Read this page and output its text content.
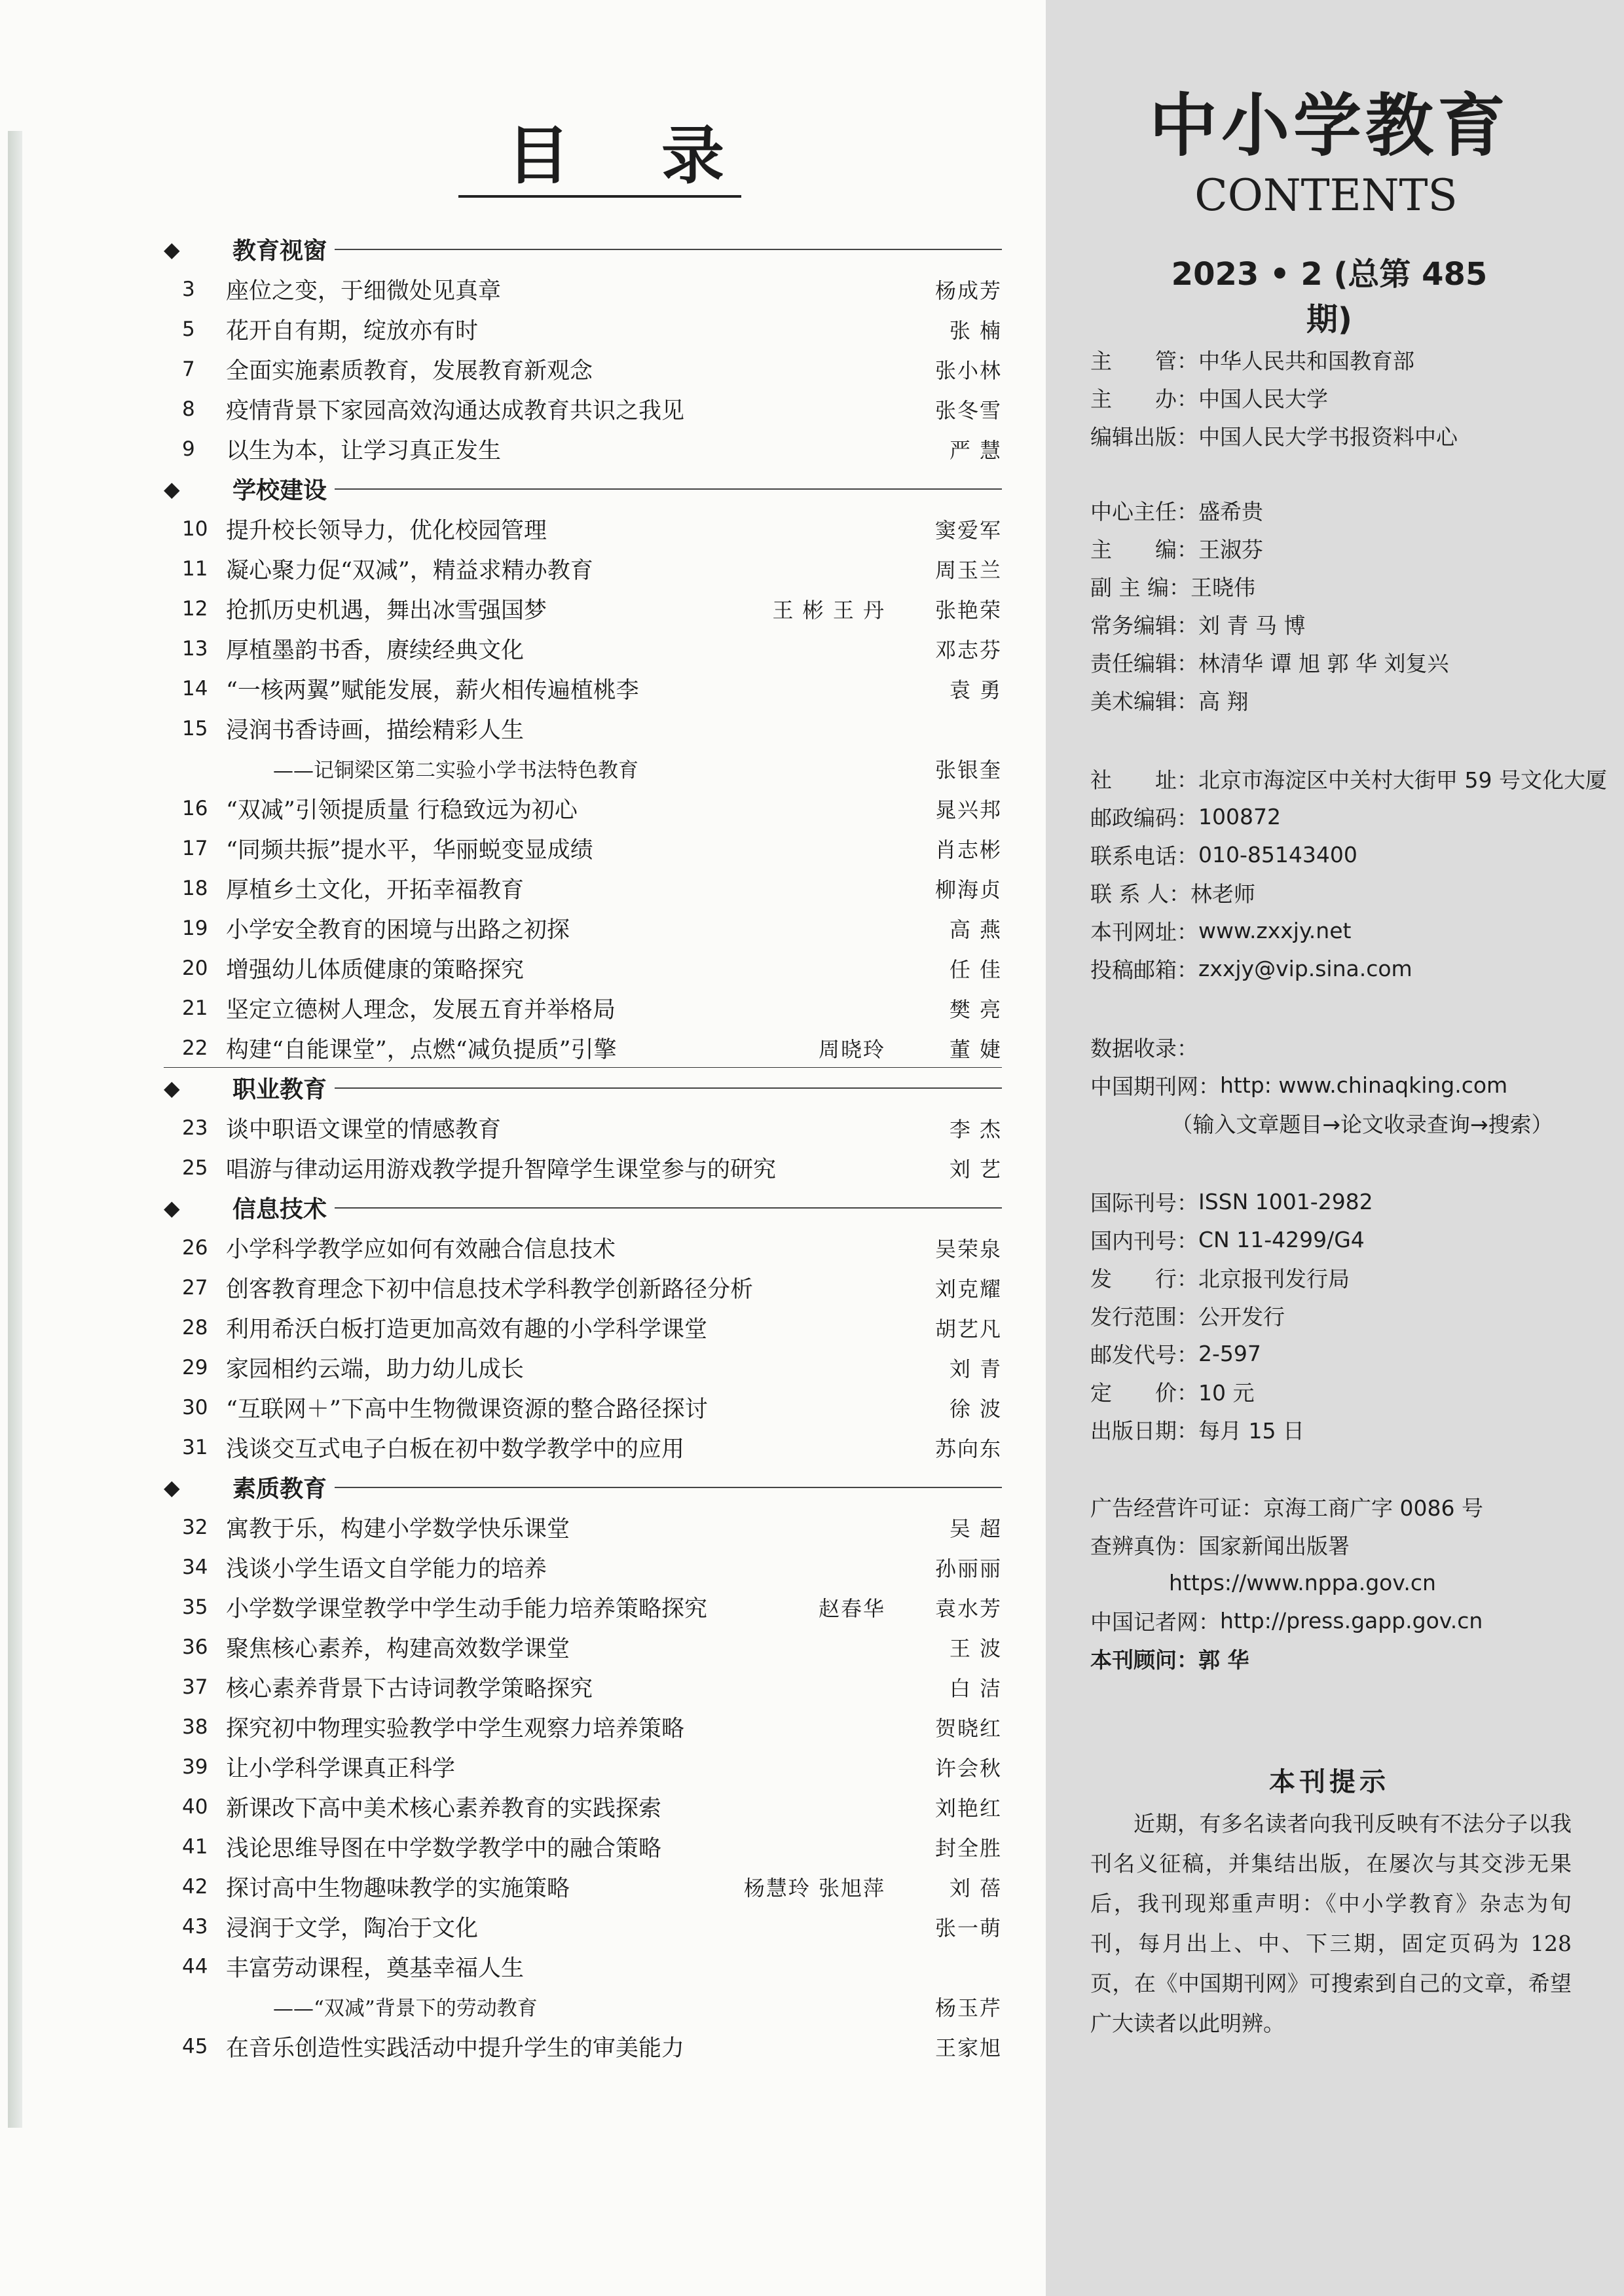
目 录
◆	教育视窗
3	座位之变，于细微处见真章	杨成芳
5	花开自有期，绽放亦有时	张 楠
7	全面实施素质教育，发展教育新观念	张小林
8	疫情背景下家园高效沟通达成教育共识之我见	张冬雪
9	以生为本，让学习真正发生	严 慧
◆	学校建设
10 提升校长领导力，优化校园管理	窦爱军
11 凝心聚力促“双减”，精益求精办教育	周玉兰
12 抢抓历史机遇，舞出冰雪强国梦	王 彬 王 丹	张艳荣
13 厚植墨韵书香，赓续经典文化	邓志芬
14 “一核两翼”赋能发展，薪火相传遍植桃李	袁 勇
15 浸润书香诗画，描绘精彩人生
——记铜梁区第二实验小学书法特色教育	张银奎
16 “双减”引领提质量 行稳致远为初心	晁兴邦
17 “同频共振”提水平，华丽蜕变显成绩	肖志彬
18 厚植乡土文化，开拓幸福教育	柳海贞
19 小学安全教育的困境与出路之初探	高 燕
20 增强幼儿体质健康的策略探究	任 佳
21 坚定立德树人理念，发展五育并举格局	樊 亮
22 构建“自能课堂”，点燃“减负提质”引擎	周晓玲	董 婕
◆	职业教育
23 谈中职语文课堂的情感教育	李 杰
25 唱游与律动运用游戏教学提升智障学生课堂参与的研究	刘 艺
◆	信息技术
26 小学科学教学应如何有效融合信息技术	吴荣泉
27 创客教育理念下初中信息技术学科教学创新路径分析	刘克耀
28 利用希沃白板打造更加高效有趣的小学科学课堂	胡艺凡
29 家园相约云端，助力幼儿成长	刘 青
30 “互联网＋”下高中生物微课资源的整合路径探讨	徐 波
31 浅谈交互式电子白板在初中数学教学中的应用	苏向东
◆	素质教育
32 寓教于乐，构建小学数学快乐课堂	吴 超
34 浅谈小学生语文自学能力的培养	孙丽丽
35 小学数学课堂教学中学生动手能力培养策略探究	赵春华	袁水芳
36 聚焦核心素养，构建高效数学课堂	王 波
37 核心素养背景下古诗词教学策略探究	白 洁
38 探究初中物理实验教学中学生观察力培养策略	贺晓红
39 让小学科学课真正科学	许会秋
40 新课改下高中美术核心素养教育的实践探索	刘艳红
41 浅论思维导图在中学数学教学中的融合策略	封全胜
42 探讨高中生物趣味教学的实施策略	杨慧玲 张旭萍	刘 蓓
43 浸润于文学，陶冶于文化	张一萌
44 丰富劳动课程，奠基幸福人生
——“双减”背景下的劳动教育	杨玉芹
45 在音乐创造性实践活动中提升学生的审美能力	王家旭
中小学教育
CONTENTS
2023 • 2 (总第 485 期)
主　　管： 中华人民共和国教育部
主　　办： 中国人民大学
编辑出版： 中国人民大学书报资料中心
中心主任： 盛希贵
主　　编： 王淑芬
副 主 编： 王晓伟
常务编辑： 刘 青 马 博
责任编辑： 林清华 谭 旭 郭 华 刘复兴
美术编辑： 高 翔
社　　址： 北京市海淀区中关村大街甲 59 号文化大厦
邮政编码： 100872
联系电话： 010-85143400
联 系 人： 林老师
本刊网址： www.zxxjy.net
投稿邮箱： zxxjy@vip.sina.com
数据收录：
中国期刊网： http: www.chinaqking.com
（输入文章题目→论文收录查询→搜索）
国际刊号： ISSN 1001-2982
国内刊号： CN 11-4299/G4
发　　行： 北京报刊发行局
发行范围： 公开发行
邮发代号： 2-597
定　　价： 10 元
出版日期： 每月 15 日
广告经营许可证： 京海工商广字 0086 号
查辨真伪： 国家新闻出版署
https://www.nppa.gov.cn
中国记者网： http://press.gapp.gov.cn
本刊顾问： 郭 华
本刊提示

近期，有多名读者向我刊反映有不法分子以我刊名义征稿，并集结出版，在屡次与其交涉无果后，我刊现郑重声明：《中小学教育》杂志为旬刊，每月出上、中、下三期，固定页码为 128 页，在《中国期刊网》可搜索到自己的文章，希望广大读者以此明辨。
